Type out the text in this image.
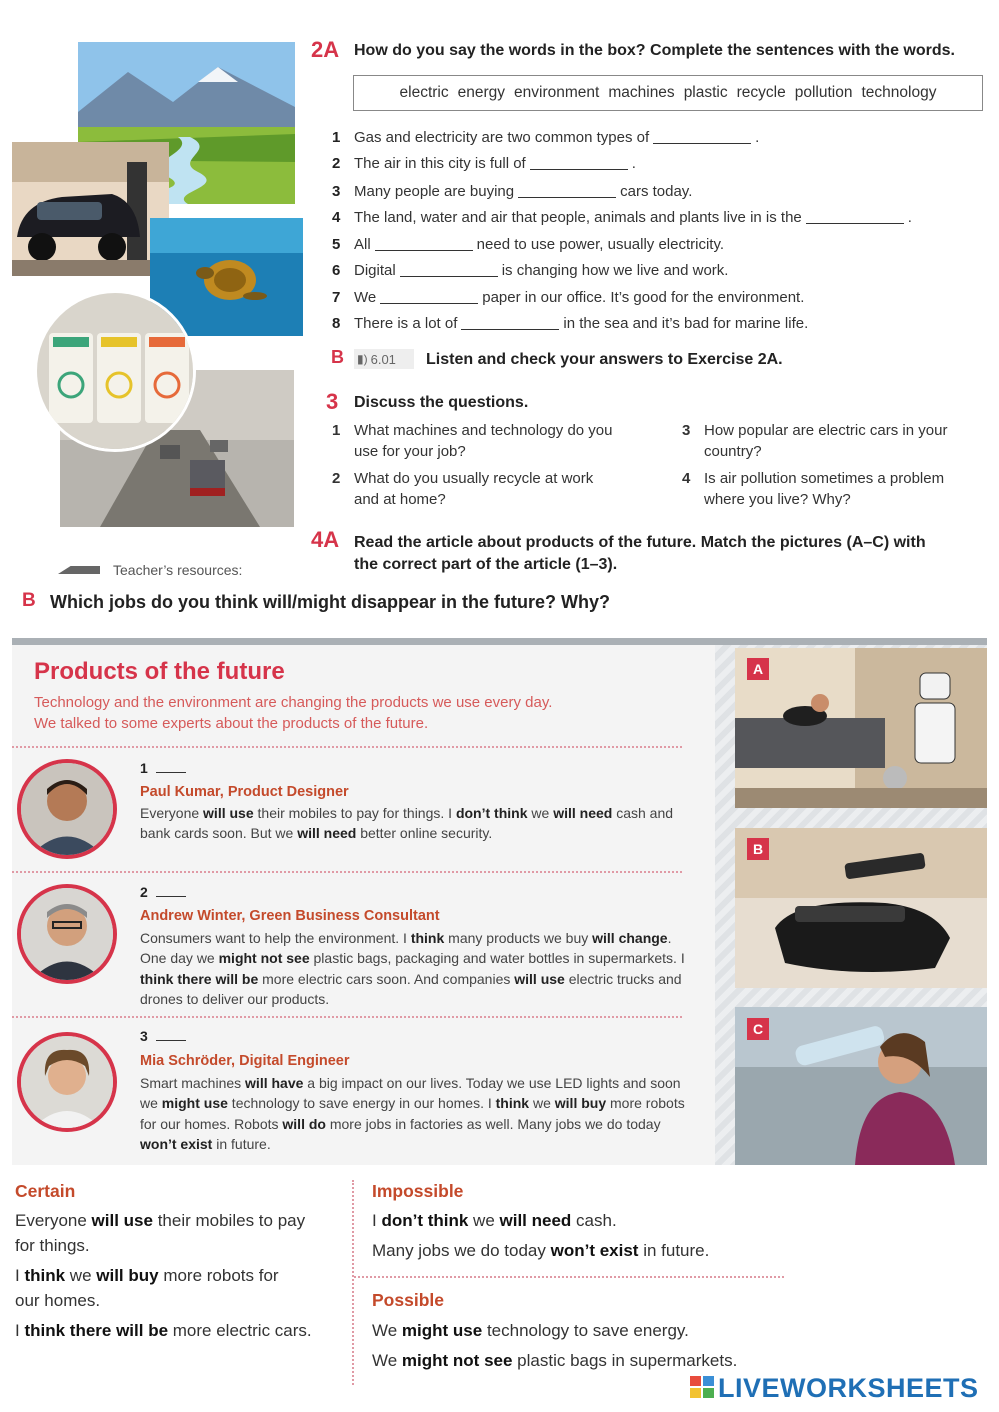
2A How do you say the words in the box? Complete the sentences with the words.
electric energy environment machines plastic recycle pollution technology
1 Gas and electricity are two common types of	.
2 The air in this city is full of	.
3 Many people are buying	cars today.
4 The land, water and air that people, animals and plants live in is the	.
5 All	need to use power, usually electricity.
6 Digital	is changing how we live and work.
7 We	paper in our office. It’s good for the environment.
8 There is a lot of	in the sea and it’s bad for marine life.
B ▮) 6.01 Listen and check your answers to Exercise 2A.
3 Discuss the questions.
1 What machines and technology do you
use for your job?
2 What do you usually recycle at work
and at home?
3 How popular are electric cars in your
country?
4 Is air pollution sometimes a problem
where you live? Why?
4A Read the article about products of the future. Match the pictures (A–C) with
the correct part of the article (1–3).
Teacher’s resources:
B Which jobs do you think will/might disappear in the future? Why?
Products of the future
Technology and the environment are changing the products we use every day.
We talked to some experts about the products of the future.
1
Paul Kumar, Product Designer
Everyone will use their mobiles to pay for things. I don’t think we will need cash and bank cards soon. But we will need better online security.
2
Andrew Winter, Green Business Consultant
Consumers want to help the environment. I think many products we buy will change. One day we might not see plastic bags, packaging and water bottles in supermarkets. I think there will be more electric cars soon. And companies will use electric trucks and drones to deliver our products.
3
Mia Schröder, Digital Engineer
Smart machines will have a big impact on our lives. Today we use LED lights and soon we might use technology to save energy in our homes. I think we will buy more robots for our homes. Robots will do more jobs in factories as well. Many jobs we do today won’t exist in future.
A
B
C
Certain
Everyone will use their mobiles to pay
for things.
I think we will buy more robots for
our homes.
I think there will be more electric cars.
Impossible
I don’t think we will need cash.
Many jobs we do today won’t exist in future.
Possible
We might use technology to save energy.
We might not see plastic bags in supermarkets.
LIVEWORKSHEETS
